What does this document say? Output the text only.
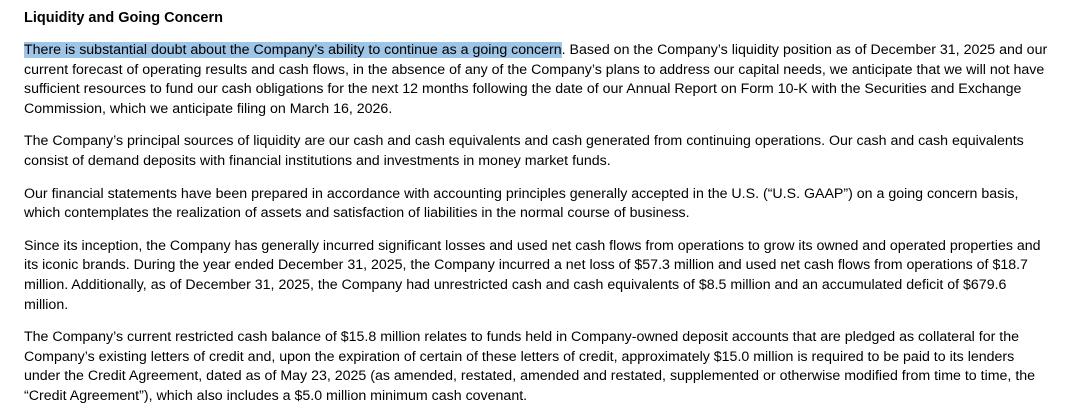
Liquidity and Going Concern

There is substantial doubt about the Company’s ability to continue as a going concern. Based on the Company’s liquidity position as of December 31, 2025 and our current forecast of operating results and cash flows, in the absence of any of the Company’s plans to address our capital needs, we anticipate that we will not have sufficient resources to fund our cash obligations for the next 12 months following the date of our Annual Report on Form 10-K with the Securities and Exchange Commission, which we anticipate filing on March 16, 2026.

The Company’s principal sources of liquidity are our cash and cash equivalents and cash generated from continuing operations. Our cash and cash equivalents consist of demand deposits with financial institutions and investments in money market funds.

Our financial statements have been prepared in accordance with accounting principles generally accepted in the U.S. (“U.S. GAAP”) on a going concern basis, which contemplates the realization of assets and satisfaction of liabilities in the normal course of business.

Since its inception, the Company has generally incurred significant losses and used net cash flows from operations to grow its owned and operated properties and its iconic brands. During the year ended December 31, 2025, the Company incurred a net loss of $57.3 million and used net cash flows from operations of $18.7 million. Additionally, as of December 31, 2025, the Company had unrestricted cash and cash equivalents of $8.5 million and an accumulated deficit of $679.6 million.

The Company’s current restricted cash balance of $15.8 million relates to funds held in Company-owned deposit accounts that are pledged as collateral for the Company’s existing letters of credit and, upon the expiration of certain of these letters of credit, approximately $15.0 million is required to be paid to its lenders under the Credit Agreement, dated as of May 23, 2025 (as amended, restated, amended and restated, supplemented or otherwise modified from time to time, the “Credit Agreement”), which also includes a $5.0 million minimum cash covenant.
